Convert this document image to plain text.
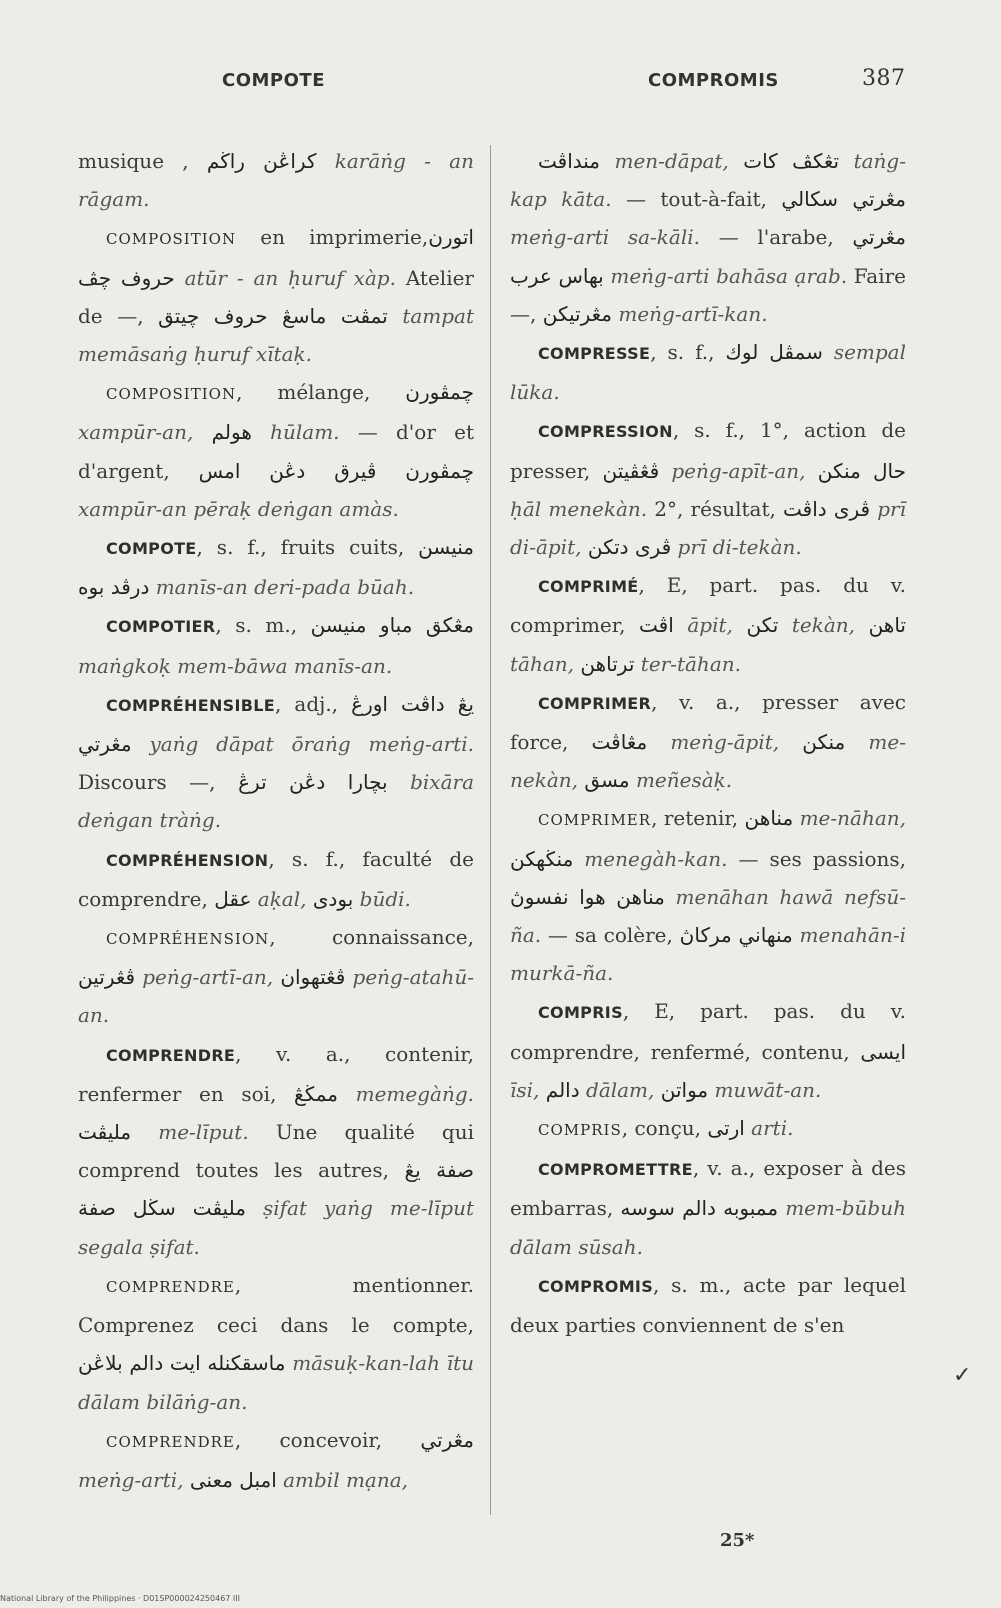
COMPOTE	COMPROMIS	387

musique , كراڠن راڬم karāṅg - an rāgam.

COMPOSITION en imprimerie,اتورن حروف چڤ atūr - an ḥuruf xàp. Atelier de —, تمڤت ماسڠ حروف چيتق tampat memāsaṅg ḥuruf xītaḳ.

COMPOSITION, mélange, چمڤورن xampūr-an, هولم hūlam. — d'or et d'argent, چمڤورن ڤيرق دڠن امس xampūr-an pēraḳ deṅgan amàs.

COMPOTE, s. f., fruits cuits, منيسن درڤد بوه manīs-an deri-pada būah.

COMPOTIER, s. m., مڠكق مباو منيسن maṅgkoḳ mem-bāwa manīs-an.

COMPRÉHENSIBLE, adj., يڠ داڤت اورڠ مڠرتي yaṅg dāpat ōraṅg meṅg-arti. Discours —, بچارا دڠن ترڠ bixāra deṅgan tràṅg.

COMPRÉHENSION, s. f., faculté de comprendre, عقل aḳal, بودى būdi.

COMPRÉHENSION, connaissance, ڤڠرتين peṅg-artī-an, ڤڠتهوان peṅg-atahū-an.

COMPRENDRE, v. a., contenir, renfermer en soi, ممڬڠ memegàṅg. مليڤت me-līput. Une qualité qui comprend toutes les autres, صفة يڠ مليڤت سڬل صفة ṣifat yaṅg me-līput segala ṣifat.

COMPRENDRE, mentionner. Comprenez ceci dans le compte, ماسقكنله ايت دالم بلاڠن māsuḳ-kan-lah ītu dālam bilāṅg-an.

COMPRENDRE, concevoir, مڠرتي meṅg-arti, امبل معنى ambil mạna,

منداڤت men-dāpat, تڠكڤ كات taṅg-kap kāta. — tout-à-fait, مڠرتي سكالي meṅg-arti sa-kāli. — l'arabe, مڠرتي بهاس عرب meṅg-arti bahāsa ạrab. Faire —, مڠرتيكن meṅg-artī-kan.

COMPRESSE, s. f., سمڤل لوك sempal lūka.

COMPRESSION, s. f., 1°, action de presser, ڤڠڤيتن peṅg-apīt-an, حال منكن ḥāl menekàn. 2°, résultat, ڤرى داڤت prī di-āpit, ڤرى دتكن prī di-tekàn.

COMPRIMÉ, E, part. pas. du v. comprimer, اڤت āpit, تكن tekàn, تاهن tāhan, ترتاهن ter-tāhan.

COMPRIMER, v. a., presser avec force, مڠاڤت meṅg-āpit, منكن me-nekàn, مسق meñesàḳ.

COMPRIMER, retenir, مناهن me-nāhan, منڬهكن menegàh-kan. — ses passions, مناهن هوا نفسوڽ menāhan hawā nefsū-ña. — sa colère, منهاني مركاڽ menahān-i murkā-ña.

COMPRIS, E, part. pas. du v. comprendre, renfermé, contenu, ايسى īsi, دالم dālam, مواتن muwāt-an.

COMPRIS, conçu, ارتى arti.

COMPROMETTRE, v. a., exposer à des embarras, ممبوبه دالم سوسه mem-būbuh dālam sūsah.

COMPROMIS, s. m., acte par lequel deux parties conviennent de s'en

✓
25*
National Library of the Philippines · D01SP000024250467 III
